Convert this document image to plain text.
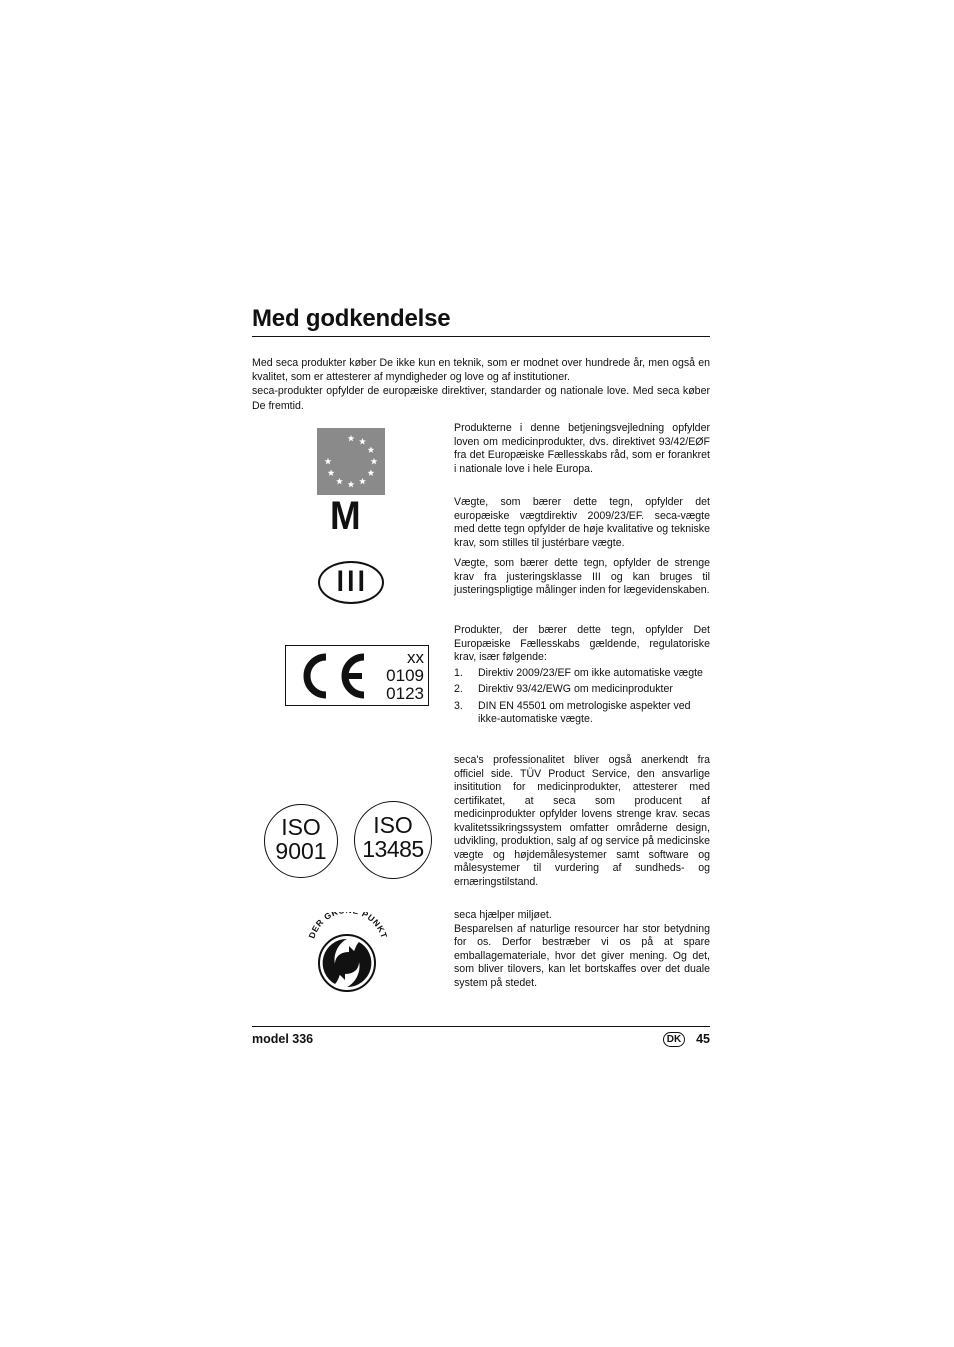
Med godkendelse

Med seca produkter køber De ikke kun en teknik, som er modnet over hundrede år, men også en kvalitet, som er attesterer af myndigheder og love og af institutioner.

seca-produkter opfylder de europæiske direktiver, standarder og nationale love. Med seca køber De fremtid.

M
III
xx
0109
0123
ISO
9001
ISO
13485
DER GR PUNKT

Produkterne i denne betjeningsvejledning opfylder loven om medicinprodukter, dvs. direktivet 93/42/EØF fra det Europæiske Fællesskabs råd, som er forankret i nationale love i hele Europa.

Vægte, som bærer dette tegn, opfylder det europæiske vægtdirektiv 2009/23/EF. seca-vægte med dette tegn opfylder de høje kvalitative og tekniske krav, som stilles til justérbare vægte.

Vægte, som bærer dette tegn, opfylder de strenge krav fra justeringsklasse III og kan bruges til justeringspligtige målinger inden for lægevidenskaben.

Produkter, der bærer dette tegn, opfylder Det Europæiske Fællesskabs gældende, regulatoriske krav, især følgende:

1. Direktiv 2009/23/EF om ikke automatiske vægte
2. Direktiv 93/42/EWG om medicinprodukter
3. DIN EN 45501 om metrologiske aspekter ved ikke-automatiske vægte.

seca's professionalitet bliver også anerkendt fra officiel side. TÜV Product Service, den ansvarlige insititution for medicinprodukter, attesterer med certifikatet, at seca som producent af medicinprodukter opfylder lovens strenge krav. secas kvalitetssikringssystem omfatter områderne design, udvikling, produktion, salg af og service på medicinske vægte og højdemålesystemer samt software og målesystemer til vurdering af sundheds- og ernæringstilstand.

seca hjælper miljøet.

Besparelsen af naturlige resourcer har stor betydning for os. Derfor bestræber vi os på at spare emballagemateriale, hvor det giver mening. Og det, som bliver tilovers, kan let bortskaffes over det duale system på stedet.

model 336	DK	45
